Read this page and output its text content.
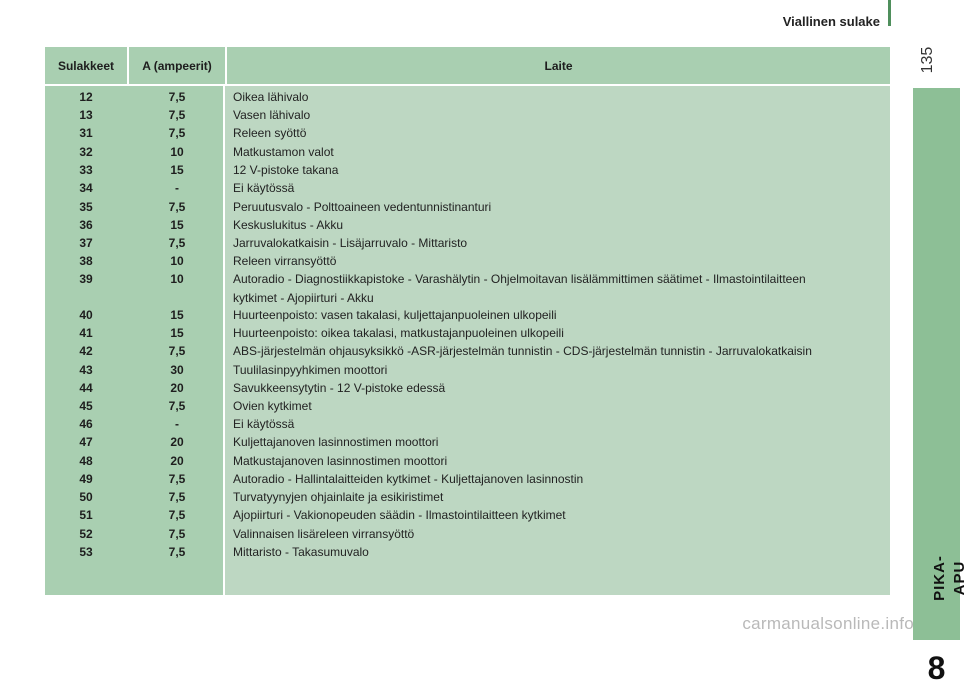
Viallinen sulake
135
PIKA-APU
8
Sulakkeet	A (ampeerit)	Laite
12	7,5	Oikea lähivalo
13	7,5	Vasen lähivalo
31	7,5	Releen syöttö
32	10	Matkustamon valot
33	15	12 V-pistoke takana
34	-	Ei käytössä
35	7,5	Peruutusvalo - Polttoaineen vedentunnistinanturi
36	15	Keskuslukitus - Akku
37	7,5	Jarruvalokatkaisin - Lisäjarruvalo - Mittaristo
38	10	Releen virransyöttö
39	10	Autoradio - Diagnostiikkapistoke - Varashälytin - Ohjelmoitavan lisälämmittimen säätimet - Ilmastointilaitteen
kytkimet - Ajopiirturi - Akku
40	15	Huurteenpoisto: vasen takalasi, kuljettajanpuoleinen ulkopeili
41	15	Huurteenpoisto: oikea takalasi, matkustajanpuoleinen ulkopeili
42	7,5	ABS-järjestelmän ohjausyksikkö -ASR-järjestelmän tunnistin - CDS-järjestelmän tunnistin - Jarruvalokatkaisin
43	30	Tuulilasinpyyhkimen moottori
44	20	Savukkeensytytin - 12 V-pistoke edessä
45	7,5	Ovien kytkimet
46	-	Ei käytössä
47	20	Kuljettajanoven lasinnostimen moottori
48	20	Matkustajanoven lasinnostimen moottori
49	7,5	Autoradio - Hallintalaitteiden kytkimet - Kuljettajanoven lasinnostin
50	7,5	Turvatyynyjen ohjainlaite ja esikiristimet
51	7,5	Ajopiirturi - Vakionopeuden säädin - Ilmastointilaitteen kytkimet
52	7,5	Valinnaisen lisäreleen virransyöttö
53	7,5	Mittaristo - Takasumuvalo
carmanualsonline.info
